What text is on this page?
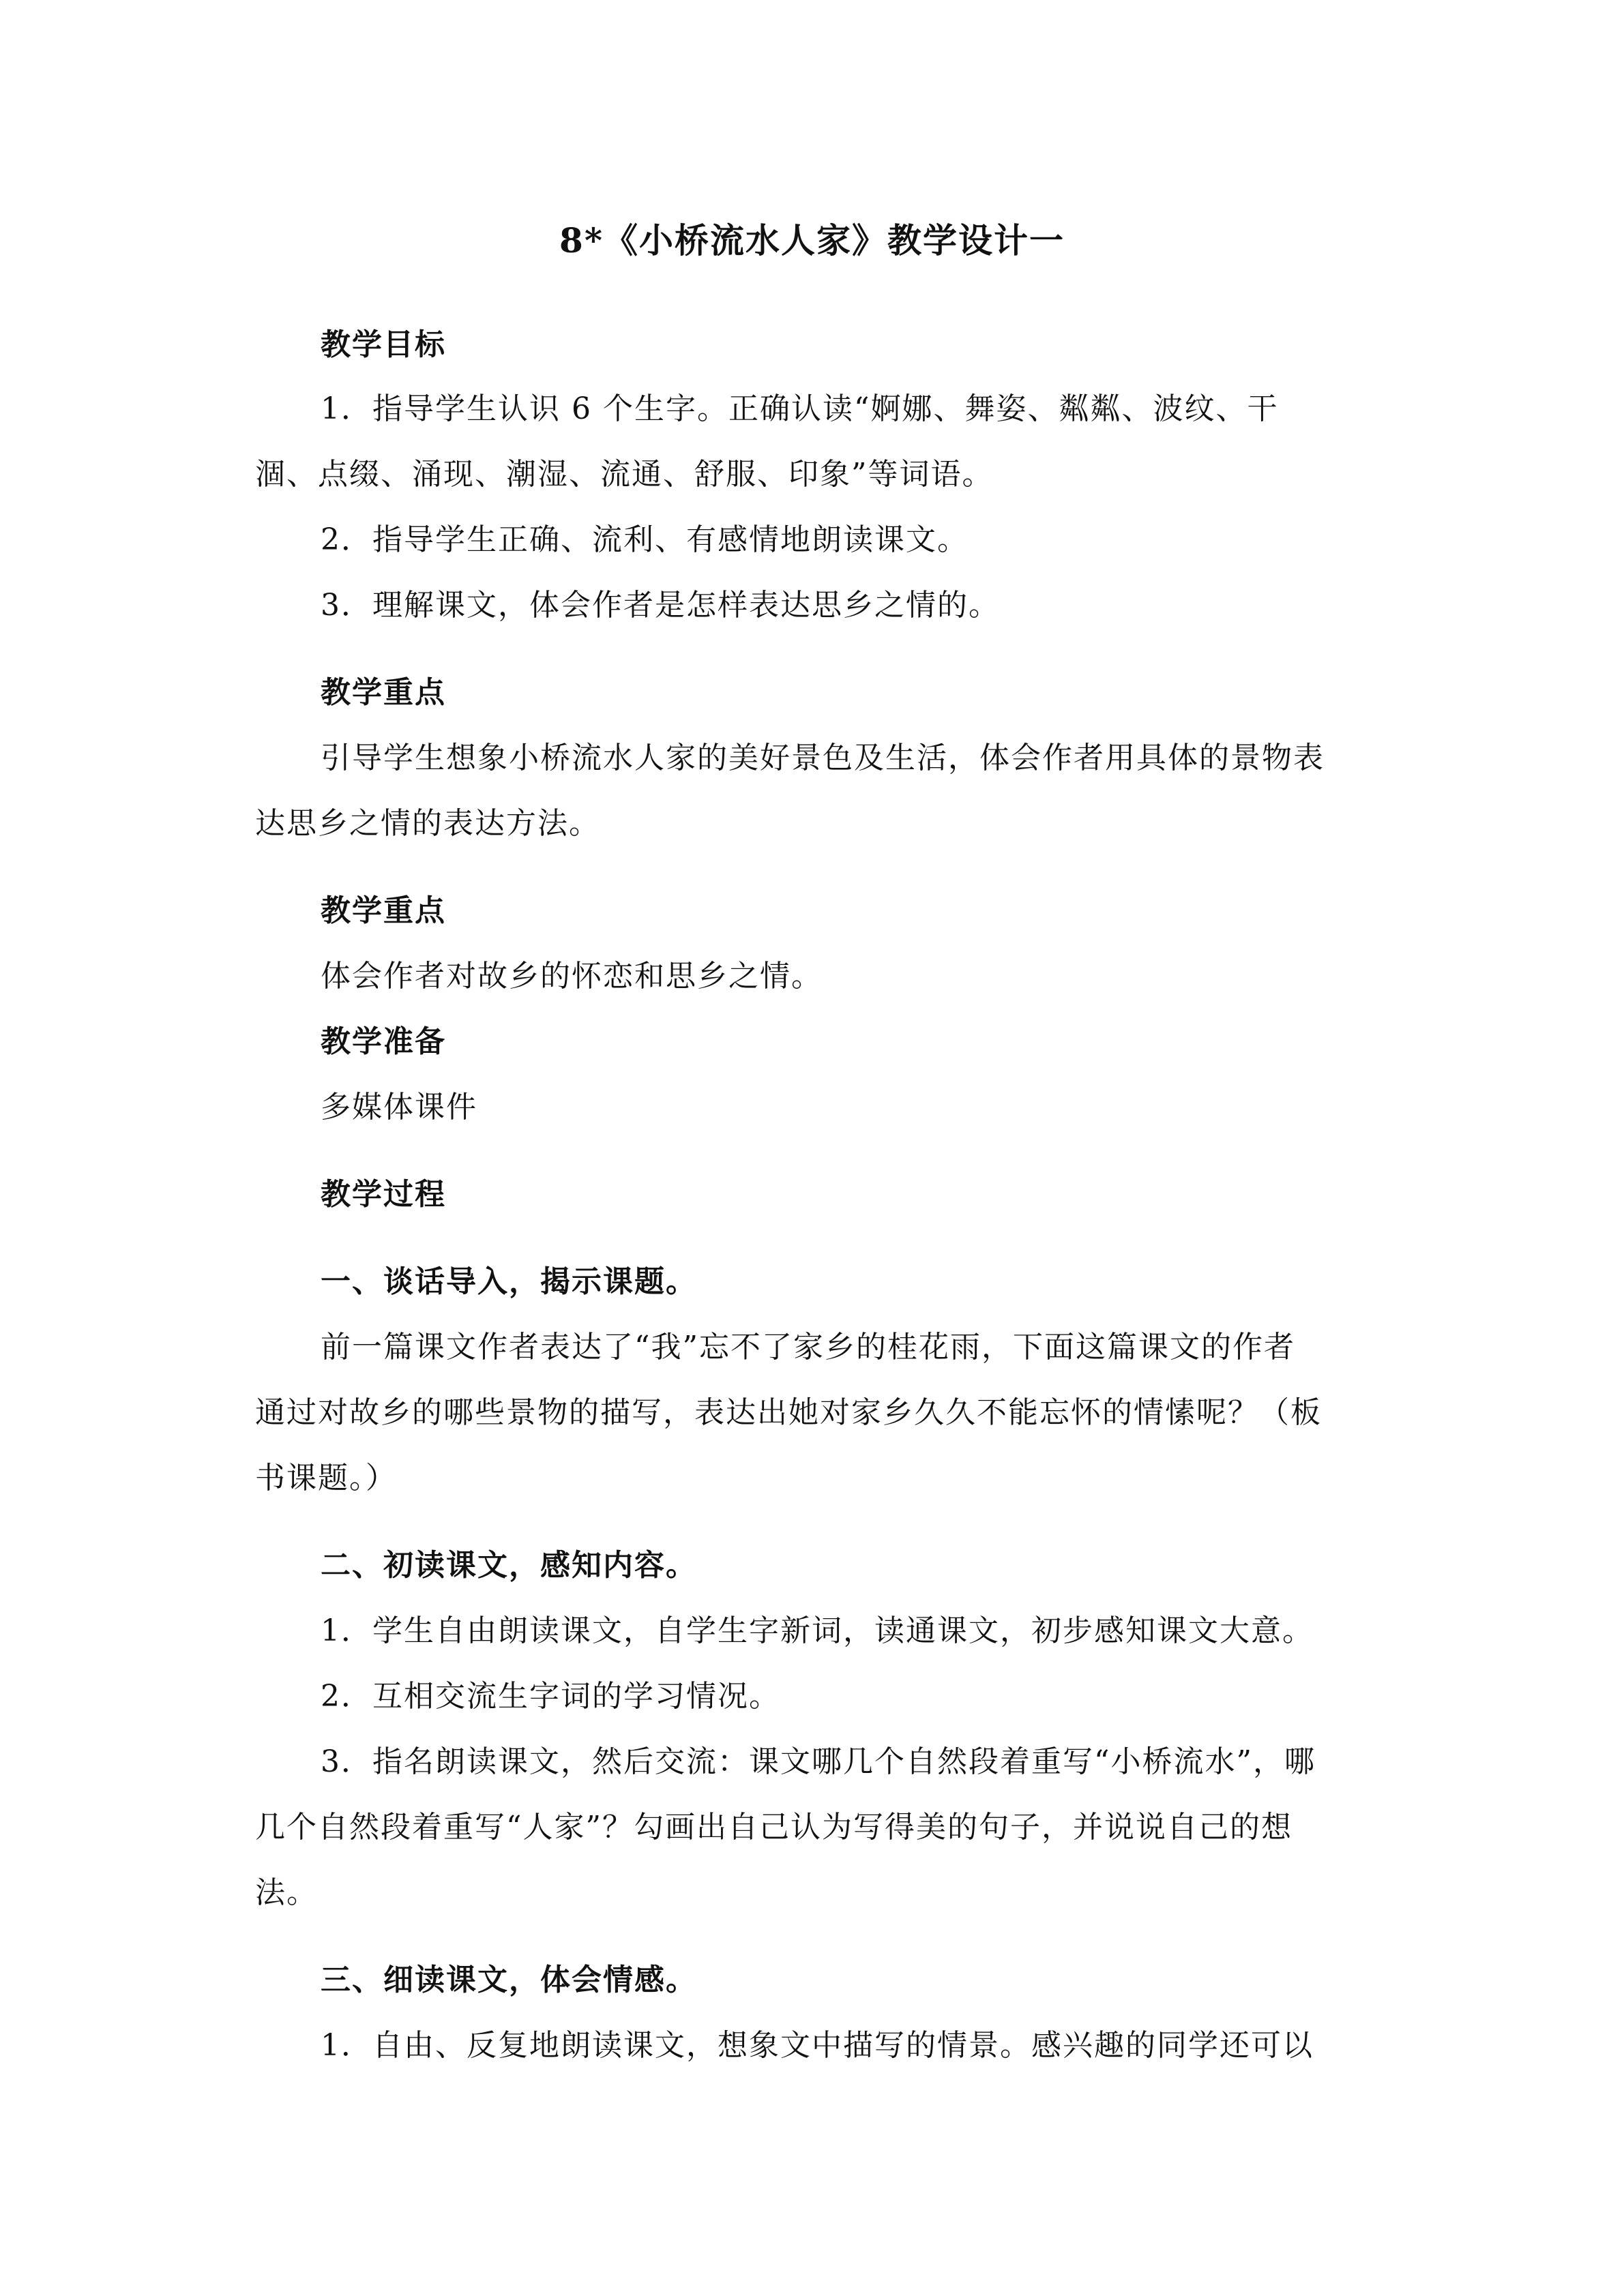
8*《小桥流水人家》教学设计一
教学目标
1．指导学生认识 6 个生字。正确认读“婀娜、舞姿、粼粼、波纹、干
涸、点缀、涌现、潮湿、流通、舒服、印象”等词语。
2．指导学生正确、流利、有感情地朗读课文。
3．理解课文，体会作者是怎样表达思乡之情的。
教学重点
引导学生想象小桥流水人家的美好景色及生活，体会作者用具体的景物表
达思乡之情的表达方法。
教学重点
体会作者对故乡的怀恋和思乡之情。
教学准备
多媒体课件
教学过程
一、谈话导入，揭示课题。
前一篇课文作者表达了“我”忘不了家乡的桂花雨，下面这篇课文的作者
通过对故乡的哪些景物的描写，表达出她对家乡久久不能忘怀的情愫呢？（板
书课题。）
二、初读课文，感知内容。
1．学生自由朗读课文，自学生字新词，读通课文，初步感知课文大意。
2．互相交流生字词的学习情况。
3．指名朗读课文，然后交流：课文哪几个自然段着重写“小桥流水”，哪
几个自然段着重写“人家”？勾画出自己认为写得美的句子，并说说自己的想
法。
三、细读课文，体会情感。
1．自由、反复地朗读课文，想象文中描写的情景。感兴趣的同学还可以
